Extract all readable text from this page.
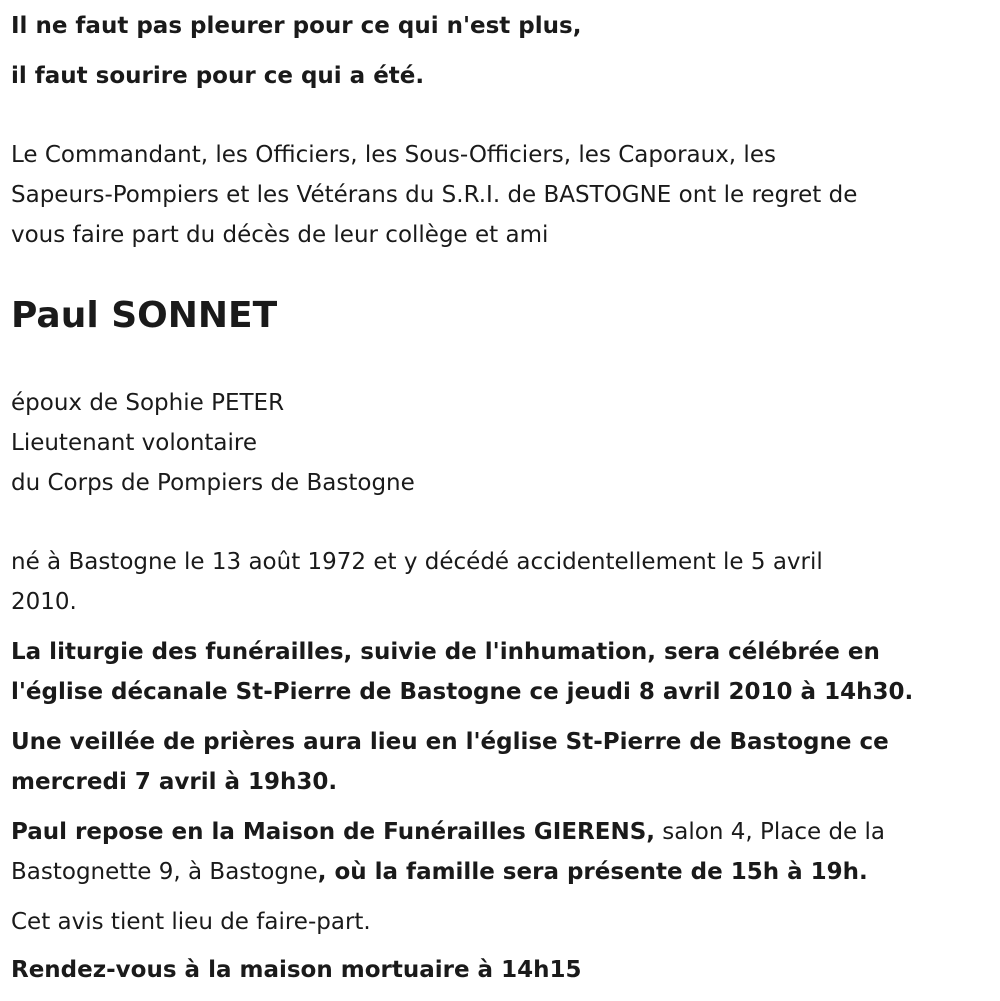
Il ne faut pas pleurer pour ce qui n'est plus,
il faut sourire pour ce qui a été.
Le Commandant, les Officiers, les Sous-Officiers, les Caporaux, les
Sapeurs-Pompiers et les Vétérans du S.R.I. de BASTOGNE ont le regret de
vous faire part du décès de leur collège et ami
Paul SONNET
époux de Sophie PETER
Lieutenant volontaire
du Corps de Pompiers de Bastogne
né à Bastogne le 13 août 1972 et y décédé accidentellement le 5 avril
2010.
La liturgie des funérailles, suivie de l'inhumation, sera célébrée en
l'église décanale St-Pierre de Bastogne ce jeudi 8 avril 2010 à 14h30.
Une veillée de prières aura lieu en l'église St-Pierre de Bastogne ce
mercredi 7 avril à 19h30.
Paul repose en la Maison de Funérailles GIERENS, salon 4, Place de la
Bastognette 9, à Bastogne, où la famille sera présente de 15h à 19h.
Cet avis tient lieu de faire-part.
Rendez-vous à la maison mortuaire à 14h15
